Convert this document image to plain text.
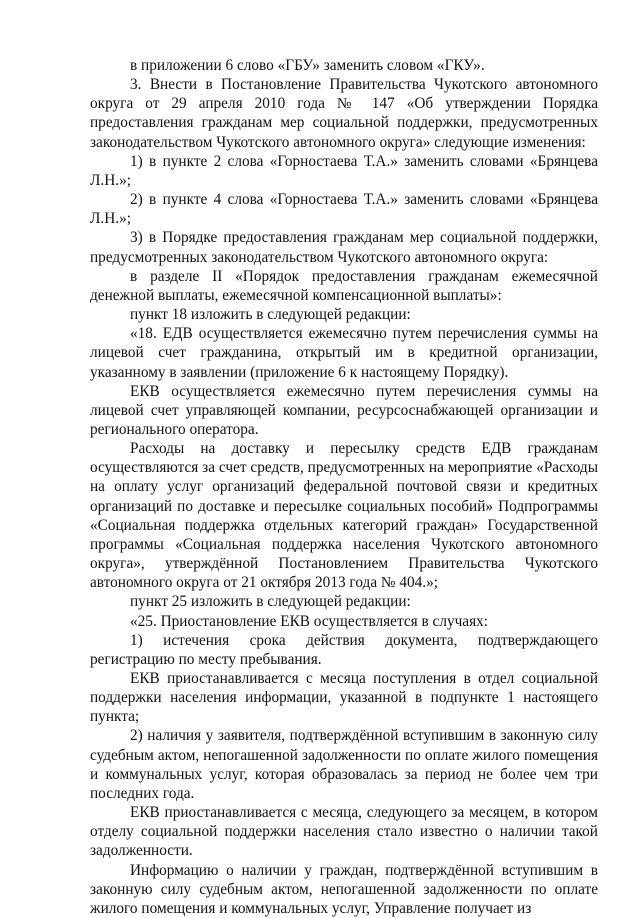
в приложении 6 слово «ГБУ» заменить словом «ГКУ».

3. Внести в Постановление Правительства Чукотского автономного округа от 29 апреля 2010 года № 147 «Об утверждении Порядка предоставления гражданам мер социальной поддержки, предусмотренных законодательством Чукотского автономного округа» следующие изменения:

1) в пункте 2 слова «Горностаева Т.А.» заменить словами «Брянцева Л.Н.»;

2) в пункте 4 слова «Горностаева Т.А.» заменить словами «Брянцева Л.Н.»;

3) в Порядке предоставления гражданам мер социальной поддержки, предусмотренных законодательством Чукотского автономного округа:

в разделе II «Порядок предоставления гражданам ежемесячной денежной выплаты, ежемесячной компенсационной выплаты»:

пункт 18 изложить в следующей редакции:

«18. ЕДВ осуществляется ежемесячно путем перечисления суммы на лицевой счет гражданина, открытый им в кредитной организации, указанному в заявлении (приложение 6 к настоящему Порядку).

ЕКВ осуществляется ежемесячно путем перечисления суммы на лицевой счет управляющей компании, ресурсоснабжающей организации и регионального оператора.

Расходы на доставку и пересылку средств ЕДВ гражданам осуществляются за счет средств, предусмотренных на мероприятие «Расходы на оплату услуг организаций федеральной почтовой связи и кредитных организаций по доставке и пересылке социальных пособий» Подпрограммы «Социальная поддержка отдельных категорий граждан» Государственной программы «Социальная поддержка населения Чукотского автономного округа», утверждённой Постановлением Правительства Чукотского автономного округа от 21 октября 2013 года № 404.»;

пункт 25 изложить в следующей редакции:

«25. Приостановление ЕКВ осуществляется в случаях:

1) истечения срока действия документа, подтверждающего регистрацию по месту пребывания.

ЕКВ приостанавливается с месяца поступления в отдел социальной поддержки населения информации, указанной в подпункте 1 настоящего пункта;

2) наличия у заявителя, подтверждённой вступившим в законную силу судебным актом, непогашенной задолженности по оплате жилого помещения и коммунальных услуг, которая образовалась за период не более чем три последних года.

ЕКВ приостанавливается с месяца, следующего за месяцем, в котором отделу социальной поддержки населения стало известно о наличии такой задолженности.

Информацию о наличии у граждан, подтверждённой вступившим в законную силу судебным актом, непогашенной задолженности по оплате жилого помещения и коммунальных услуг, Управление получает из
